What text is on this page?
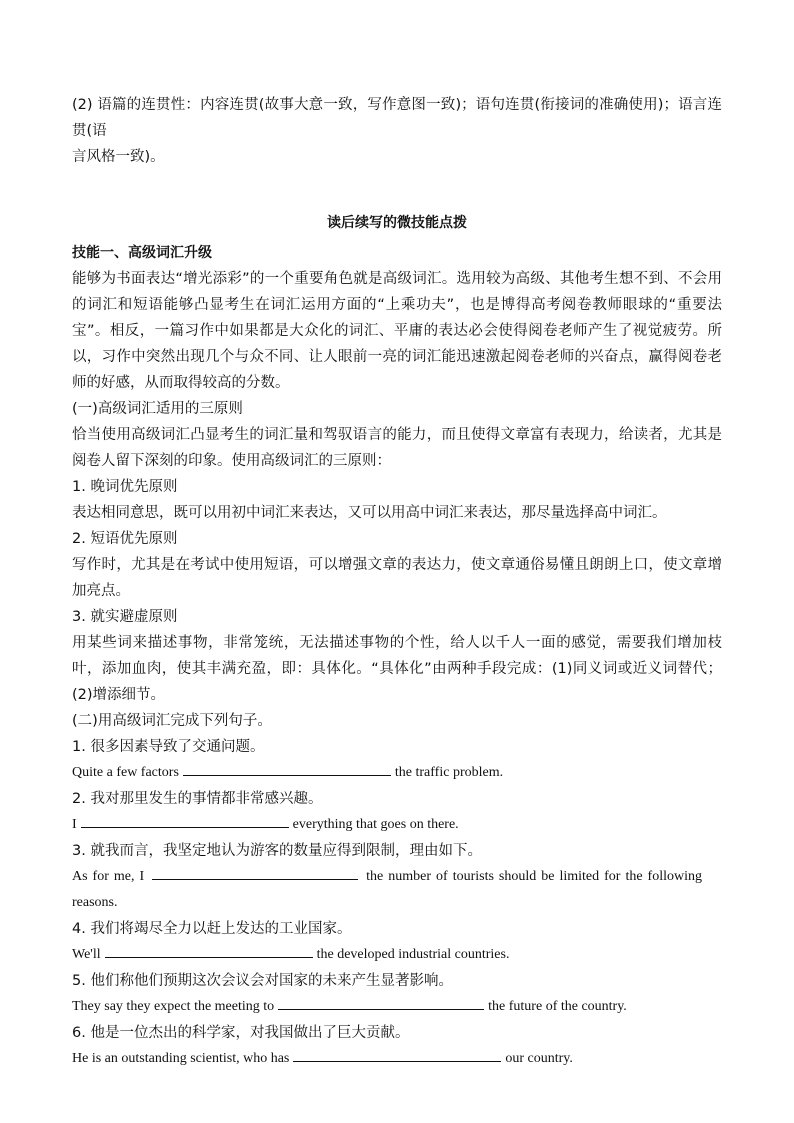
(2) 语篇的连贯性：内容连贯(故事大意一致，写作意图一致)；语句连贯(衔接词的准确使用)；语言连贯(语
言风格一致)。

读后续写的微技能点拨

技能一、高级词汇升级

能够为书面表达“增光添彩”的一个重要角色就是高级词汇。选用较为高级、其他考生想不到、不会用的词汇和短语能够凸显考生在词汇运用方面的“上乘功夫”，也是博得高考阅卷教师眼球的“重要法宝”。相反，一篇习作中如果都是大众化的词汇、平庸的表达必会使得阅卷老师产生了视觉疲劳。所以，习作中突然出现几个与众不同、让人眼前一亮的词汇能迅速激起阅卷老师的兴奋点，赢得阅卷老师的好感，从而取得较高的分数。

(一)高级词汇适用的三原则

恰当使用高级词汇凸显考生的词汇量和驾驭语言的能力，而且使得文章富有表现力，给读者，尤其是阅卷人留下深刻的印象。使用高级词汇的三原则：

1. 晚词优先原则

表达相同意思，既可以用初中词汇来表达，又可以用高中词汇来表达，那尽量选择高中词汇。

2. 短语优先原则

写作时，尤其是在考试中使用短语，可以增强文章的表达力，使文章通俗易懂且朗朗上口，使文章增加亮点。

3. 就实避虚原则

用某些词来描述事物，非常笼统，无法描述事物的个性，给人以千人一面的感觉，需要我们增加枝叶，添加血肉，使其丰满充盈，即：具体化。“具体化”由两种手段完成：(1)同义词或近义词替代；(2)增添细节。

(二)用高级词汇完成下列句子。

1. 很多因素导致了交通问题。

Quite a few factors	the traffic problem.

2. 我对那里发生的事情都非常感兴趣。

I	everything that goes on there.

3. 就我而言，我坚定地认为游客的数量应得到限制，理由如下。

As for me, I	the number of tourists should be limited for the following
reasons.

4. 我们将竭尽全力以赶上发达的工业国家。

We'll	the developed industrial countries.

5. 他们称他们预期这次会议会对国家的未来产生显著影响。

They say they expect the meeting to	the future of the country.

6. 他是一位杰出的科学家，对我国做出了巨大贡献。

He is an outstanding scientist, who has	our country.
